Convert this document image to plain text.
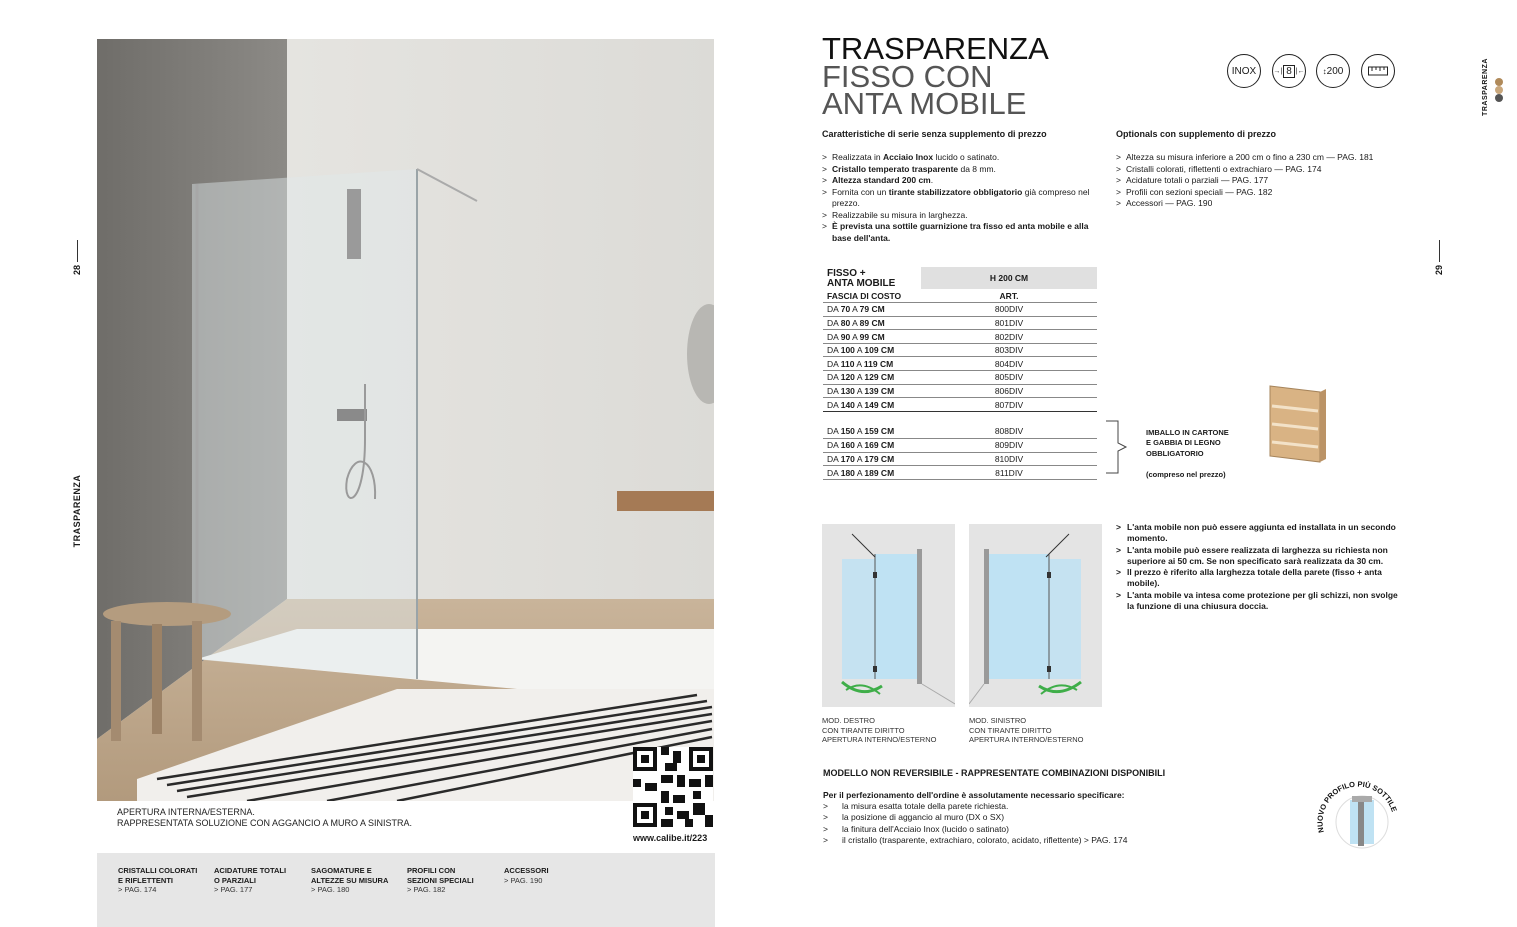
28
TRASPARENZA
APERTURA INTERNA/ESTERNA.
RAPPRESENTATA SOLUZIONE CON AGGANCIO A MURO A SINISTRA.
www.calibe.it/223
CRISTALLI COLORATI
E RIFLETTENTI
> PAG. 174
ACIDATURE TOTALI
O PARZIALI
> PAG. 177
SAGOMATURE E
ALTEZZE SU MISURA
> PAG. 180
PROFILI CON
SEZIONI SPECIALI
> PAG. 182
ACCESSORI
> PAG. 190
TRASPARENZA
FISSO CON
ANTA MOBILE
INOX →| 8 |← ↕ 200	TRASPARENZA
29
Caratteristiche di serie senza supplemento di prezzo
> Realizzata in Acciaio Inox lucido o satinato.
> Cristallo temperato trasparente da 8 mm.
> Altezza standard 200 cm.
> Fornita con un tirante stabilizzatore obbligatorio già compreso nel prezzo.
> Realizzabile su misura in larghezza.
> È prevista una sottile guarnizione tra fisso ed anta mobile e alla base dell'anta.
Optionals con supplemento di prezzo
> Altezza su misura inferiore a 200 cm o fino a 230 cm — PAG. 181
> Cristalli colorati, riflettenti o extrachiaro — PAG. 174
> Acidature totali o parziali — PAG. 177
> Profili con sezioni speciali — PAG. 182
> Accessori — PAG. 190
FISSO +
ANTA MOBILE	H 200 CM
FASCIA DI COSTO	ART.
DA 70 A 79 CM	800DIV
DA 80 A 89 CM	801DIV
DA 90 A 99 CM	802DIV
DA 100 A 109 CM	803DIV
DA 110 A 119 CM	804DIV
DA 120 A 129 CM	805DIV
DA 130 A 139 CM	806DIV
DA 140 A 149 CM	807DIV

DA 150 A 159 CM	808DIV
DA 160 A 169 CM	809DIV
DA 170 A 179 CM	810DIV
DA 180 A 189 CM	811DIV

IMBALLO IN CARTONE
E GABBIA DI LEGNO
OBBLIGATORIO

(compreso nel prezzo)

MOD. DESTRO
CON TIRANTE DIRITTO
APERTURA INTERNO/ESTERNO
MOD. SINISTRO
CON TIRANTE DIRITTO
APERTURA INTERNO/ESTERNO
> L'anta mobile non può essere aggiunta ed installata in un secondo momento.
> L'anta mobile può essere realizzata di larghezza su richiesta non superiore ai 50 cm. Se non specificato sarà realizzata da 30 cm.
> Il prezzo è riferito alla larghezza totale della parete (fisso + anta mobile).
> L'anta mobile va intesa come protezione per gli schizzi, non svolge la funzione di una chiusura doccia.
MODELLO NON REVERSIBILE - RAPPRESENTATE COMBINAZIONI DISPONIBILI
Per il perfezionamento dell'ordine è assolutamente necessario specificare:
> la misura esatta totale della parete richiesta.
> la posizione di aggancio al muro (DX o SX)
> la finitura dell'Acciaio Inox (lucido o satinato)
> il cristallo (trasparente, extrachiaro, colorato, acidato, riflettente) > PAG. 174
NUOVO PROFILO PIÙ SOTTILE
